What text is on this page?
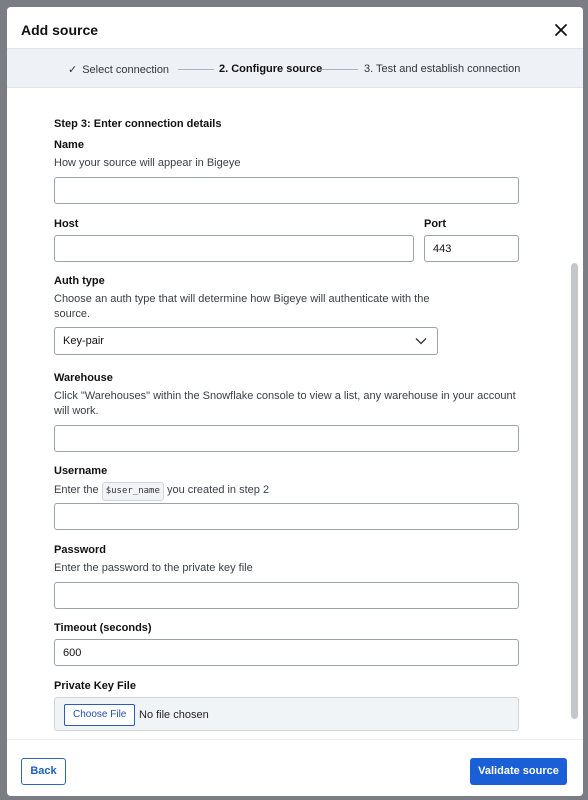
Add source
✓ Select connection	2. Configure source	3. Test and establish connection
Step 3: Enter connection details
Name
How your source will appear in Bigeye
Host	Port
443
Auth type
Choose an auth type that will determine how Bigeye will authenticate with the source.
Key-pair
Warehouse
Click "Warehouses" within the Snowflake console to view a list, any warehouse in your account will work.
Username
Enter the $user_name you created in step 2
Password
Enter the password to the private key file
Timeout (seconds)
600
Private Key File
Choose File	No file chosen
Back	Validate source
